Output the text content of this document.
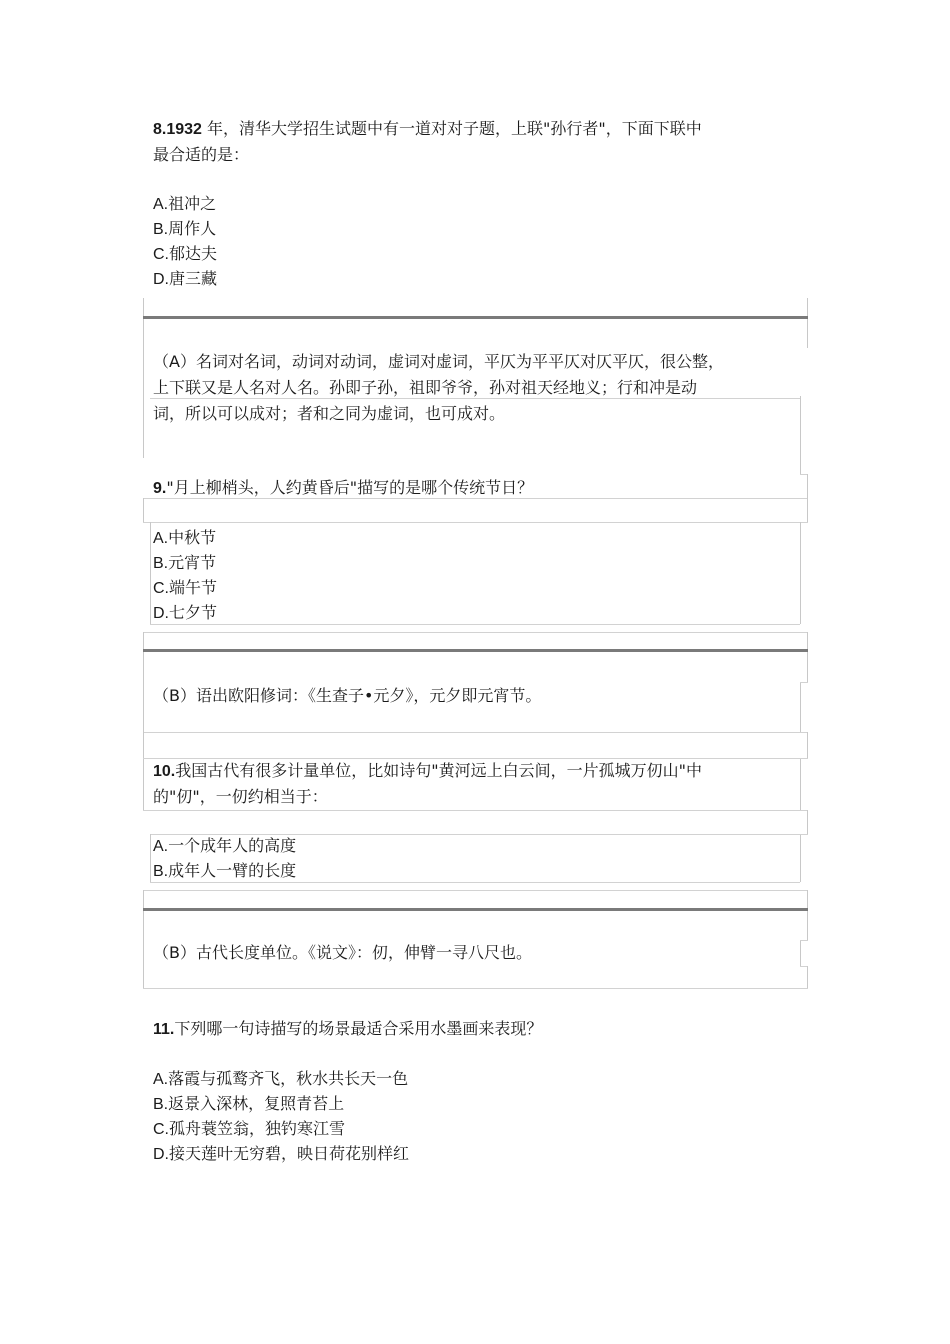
8.1932 年，清华大学招生试题中有一道对对子题，上联"孙行者"，下面下联中
最合适的是：
A.祖冲之
B.周作人
C.郁达夫
D.唐三藏
（A）名词对名词，动词对动词，虚词对虚词，平仄为平平仄对仄平仄，很公整，
上下联又是人名对人名。孙即子孙，祖即爷爷，孙对祖天经地义；行和冲是动
词，所以可以成对；者和之同为虚词，也可成对。
9."月上柳梢头，人约黄昏后"描写的是哪个传统节日？
A.中秋节
B.元宵节
C.端午节
D.七夕节
（B）语出欧阳修词：《生查子•元夕》，元夕即元宵节。
10.我国古代有很多计量单位，比如诗句"黄河远上白云间，一片孤城万仞山"中
的"仞"，一仞约相当于：
A.一个成年人的高度
B.成年人一臂的长度
（B）古代长度单位。《说文》：仞，伸臂一寻八尺也。
11.下列哪一句诗描写的场景最适合采用水墨画来表现？
A.落霞与孤鹜齐飞，秋水共长天一色
B.返景入深林，复照青苔上
C.孤舟蓑笠翁，独钓寒江雪
D.接天莲叶无穷碧，映日荷花别样红
